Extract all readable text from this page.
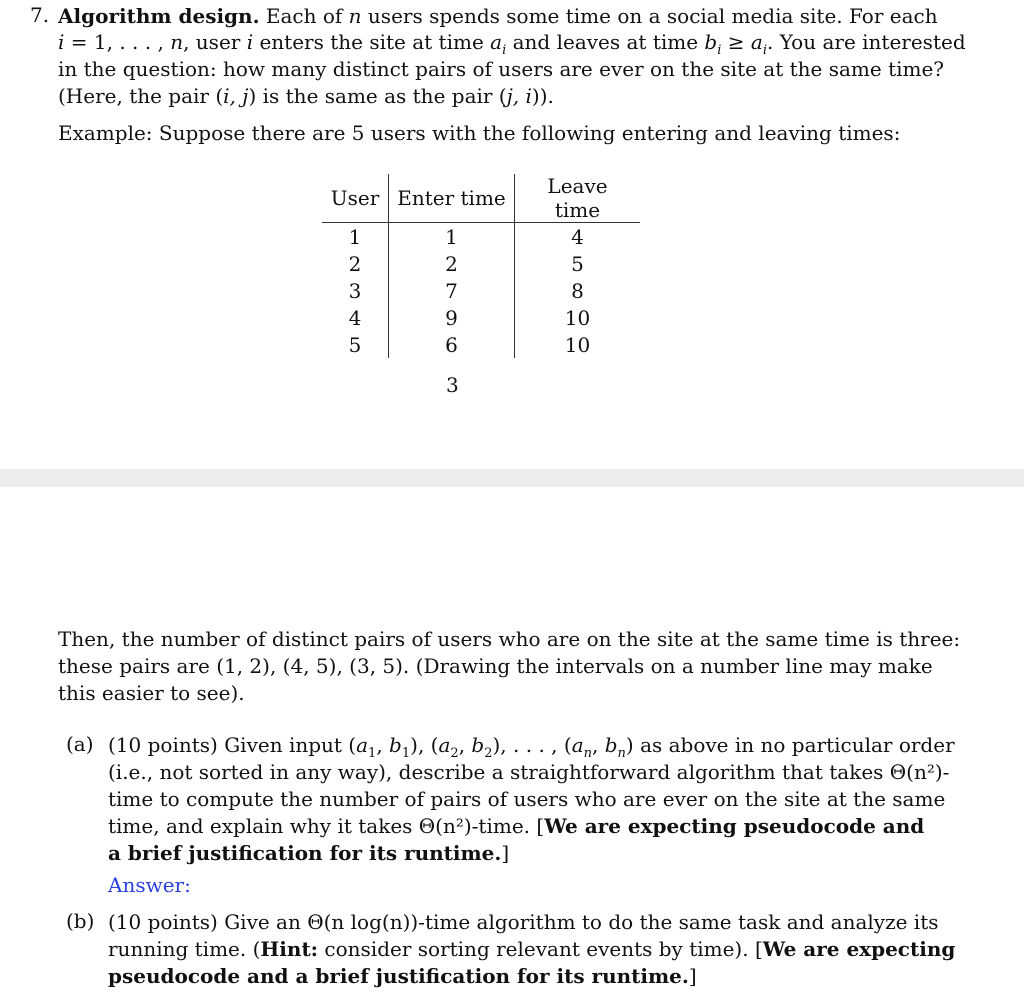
7. Algorithm design. Each of n users spends some time on a social media site. For each
i = 1, . . . , n, user i enters the site at time $a_i$ and leaves at time $b_i \ge a_i$. You are interested
in the question: how many distinct pairs of users are ever on the site at the same time?
(Here, the pair (i, j) is the same as the pair (j, i)).
Example: Suppose there are 5 users with the following entering and leaving times:
User	Enter time	Leave time
1	1	4
2	2	5
3	7	8
4	9	10
5	6	10
3
Then, the number of distinct pairs of users who are on the site at the same time is three:
these pairs are (1, 2), (4, 5), (3, 5). (Drawing the intervals on a number line may make
this easier to see).
(a) (10 points) Given input ($a_1$, $b_1$), ($a_2$, $b_2$), . . . , ($a_n$, $b_n$) as above in no particular order
(i.e., not sorted in any way), describe a straightforward algorithm that takes Θ(n²)-
time to compute the number of pairs of users who are ever on the site at the same
time, and explain why it takes Θ(n²)-time. [We are expecting pseudocode and
a brief justification for its runtime.]
Answer:
(b) (10 points) Give an Θ(n log(n))-time algorithm to do the same task and analyze its
running time. (Hint: consider sorting relevant events by time). [We are expecting
pseudocode and a brief justification for its runtime.]
